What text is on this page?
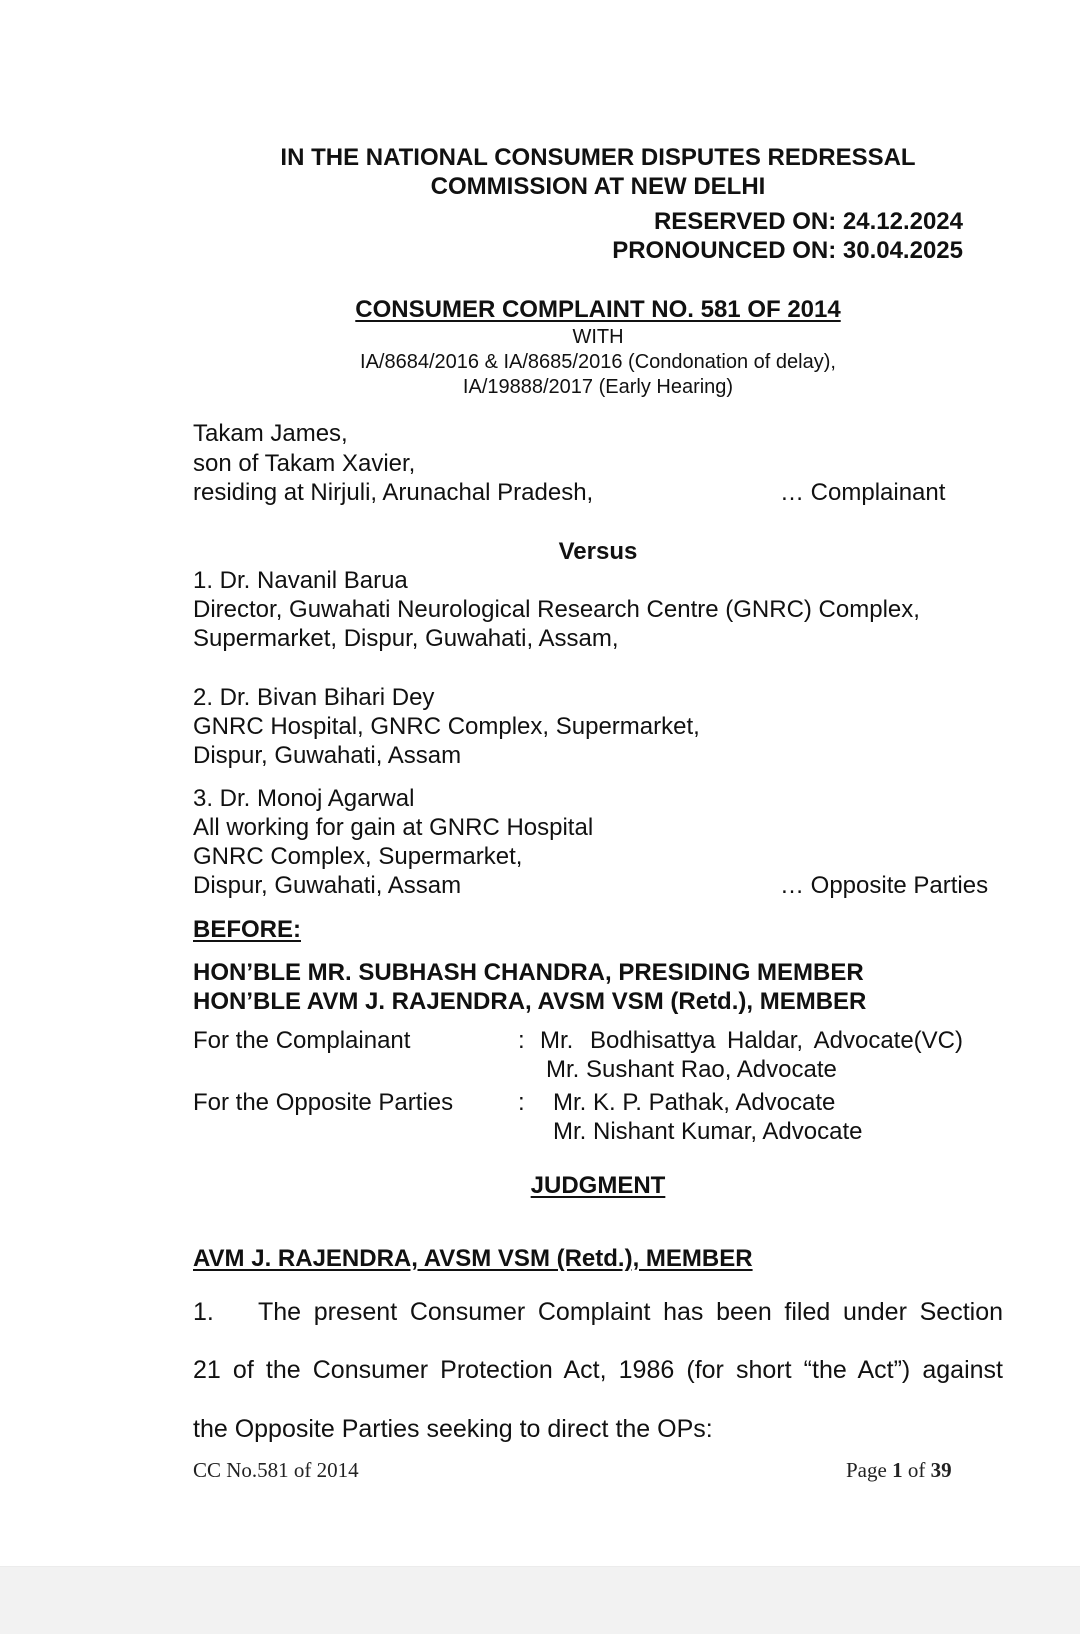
IN THE NATIONAL CONSUMER DISPUTES REDRESSAL
COMMISSION AT NEW DELHI
RESERVED ON: 24.12.2024
PRONOUNCED ON: 30.04.2025
CONSUMER COMPLAINT NO. 581 OF 2014
WITH
IA/8684/2016 & IA/8685/2016 (Condonation of delay),
IA/19888/2017 (Early Hearing)
Takam James,
son of Takam Xavier,
residing at Nirjuli, Arunachal Pradesh,	… Complainant
Versus
1. Dr. Navanil Barua
Director, Guwahati Neurological Research Centre (GNRC) Complex,
Supermarket, Dispur, Guwahati, Assam,
2. Dr. Bivan Bihari Dey
GNRC Hospital, GNRC Complex, Supermarket,
Dispur, Guwahati, Assam
3. Dr. Monoj Agarwal
All working for gain at GNRC Hospital
GNRC Complex, Supermarket,
Dispur, Guwahati, Assam	… Opposite Parties
BEFORE:
HON’BLE MR. SUBHASH CHANDRA, PRESIDING MEMBER
HON’BLE AVM J. RAJENDRA, AVSM VSM (Retd.), MEMBER
For the Complainant	: Mr. Bodhisattya Haldar, Advocate(VC)
Mr. Sushant Rao, Advocate
For the Opposite Parties	: Mr. K. P. Pathak, Advocate
Mr. Nishant Kumar, Advocate
JUDGMENT
AVM J. RAJENDRA, AVSM VSM (Retd.), MEMBER
1. The present Consumer Complaint has been filed under Section
21 of the Consumer Protection Act, 1986 (for short “the Act”) against
the Opposite Parties seeking to direct the OPs:
CC No.581 of 2014	Page 1 of 39
